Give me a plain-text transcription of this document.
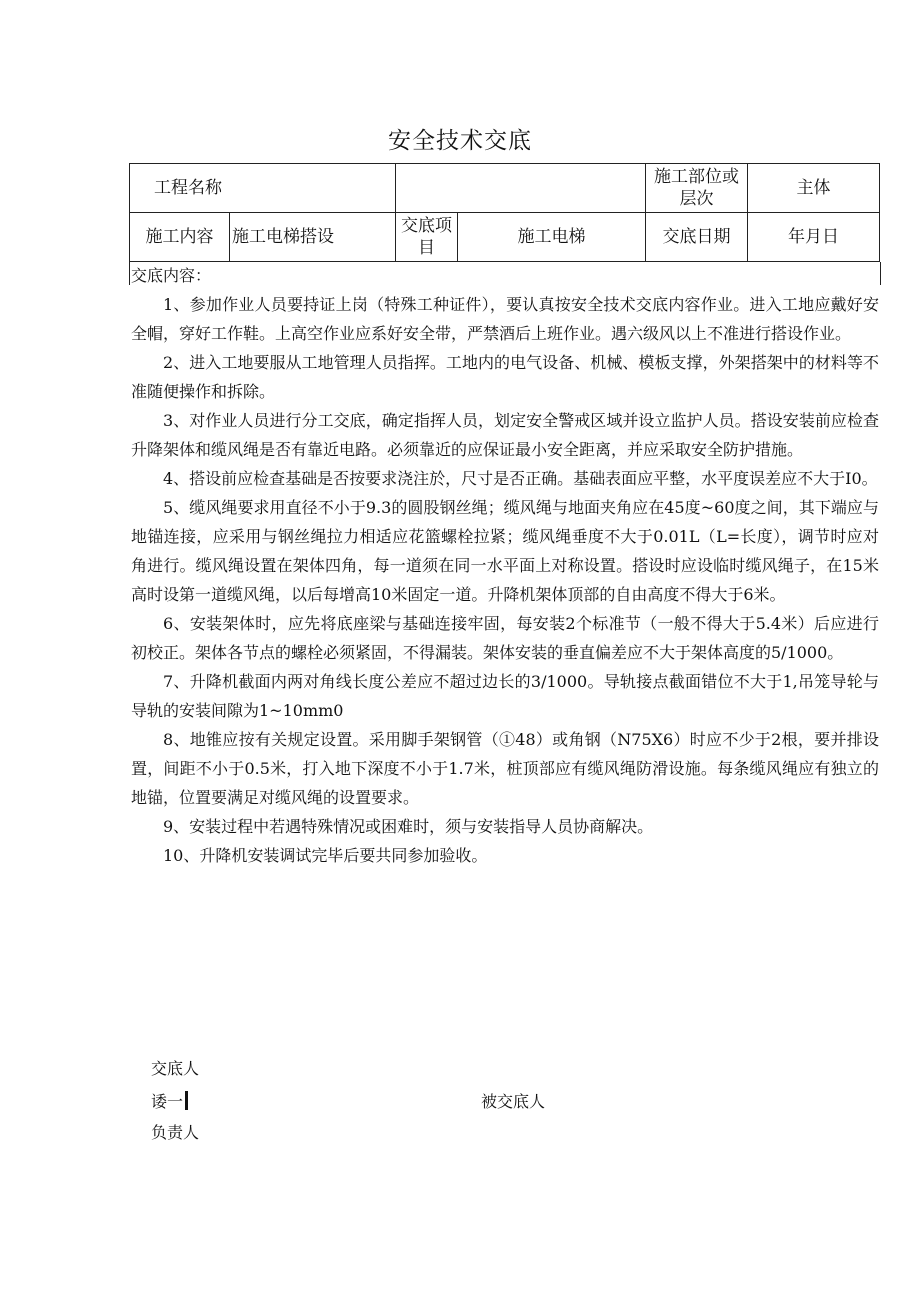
安全技术交底
工程名称				施工部位或层次	主体
施工内容	施工电梯搭设	交底项目	施工电梯	交底日期	年月日
交底内容：

1、参加作业人员要持证上岗（特殊工种证件），要认真按安全技术交底内容作业。进入工地应戴好安全帽，穿好工作鞋。上高空作业应系好安全带，严禁酒后上班作业。遇六级风以上不准进行搭设作业。

2、进入工地要服从工地管理人员指挥。工地内的电气设备、机械、模板支撑，外架搭架中的材料等不准随便操作和拆除。

3、对作业人员进行分工交底，确定指挥人员，划定安全警戒区域并设立监护人员。搭设安装前应检查升降架体和缆风绳是否有靠近电路。必须靠近的应保证最小安全距离，并应采取安全防护措施。

4、搭设前应检查基础是否按要求浇注於，尺寸是否正确。基础表面应平整，水平度误差应不大于I0。

5、缆风绳要求用直径不小于9.3的圆股钢丝绳；缆风绳与地面夹角应在45度~60度之间，其下端应与地锚连接，应采用与钢丝绳拉力相适应花篮螺栓拉紧；缆风绳垂度不大于0.01L（L=长度），调节时应对角进行。缆风绳设置在架体四角，每一道须在同一水平面上对称设置。搭设时应设临时缆风绳子，在15米高时设第一道缆风绳，以后每增高10米固定一道。升降机架体顶部的自由高度不得大于6米。

6、安装架体时，应先将底座梁与基础连接牢固，每安装2个标准节（一般不得大于5.4米）后应进行初校正。架体各节点的螺栓必须紧固，不得漏装。架体安装的垂直偏差应不大于架体高度的5/1000。

7、升降机截面内两对角线长度公差应不超过边长的3/1000。导轨接点截面错位不大于1,吊笼导轮与导轨的安装间隙为1~10mm0

8、地锥应按有关规定设置。采用脚手架钢管（①48）或角钢（N75X6）时应不少于2根，要并排设置，间距不小于0.5米，打入地下深度不小于1.7米，桩顶部应有缆风绳防滑设施。每条缆风绳应有独立的地锚，位置要满足对缆风绳的设置要求。

9、安装过程中若遇特殊情况或困难时，须与安装指导人员协商解决。

10、升降机安装调试完毕后要共同参加验收。

交底人
诿一
负责人
被交底人
